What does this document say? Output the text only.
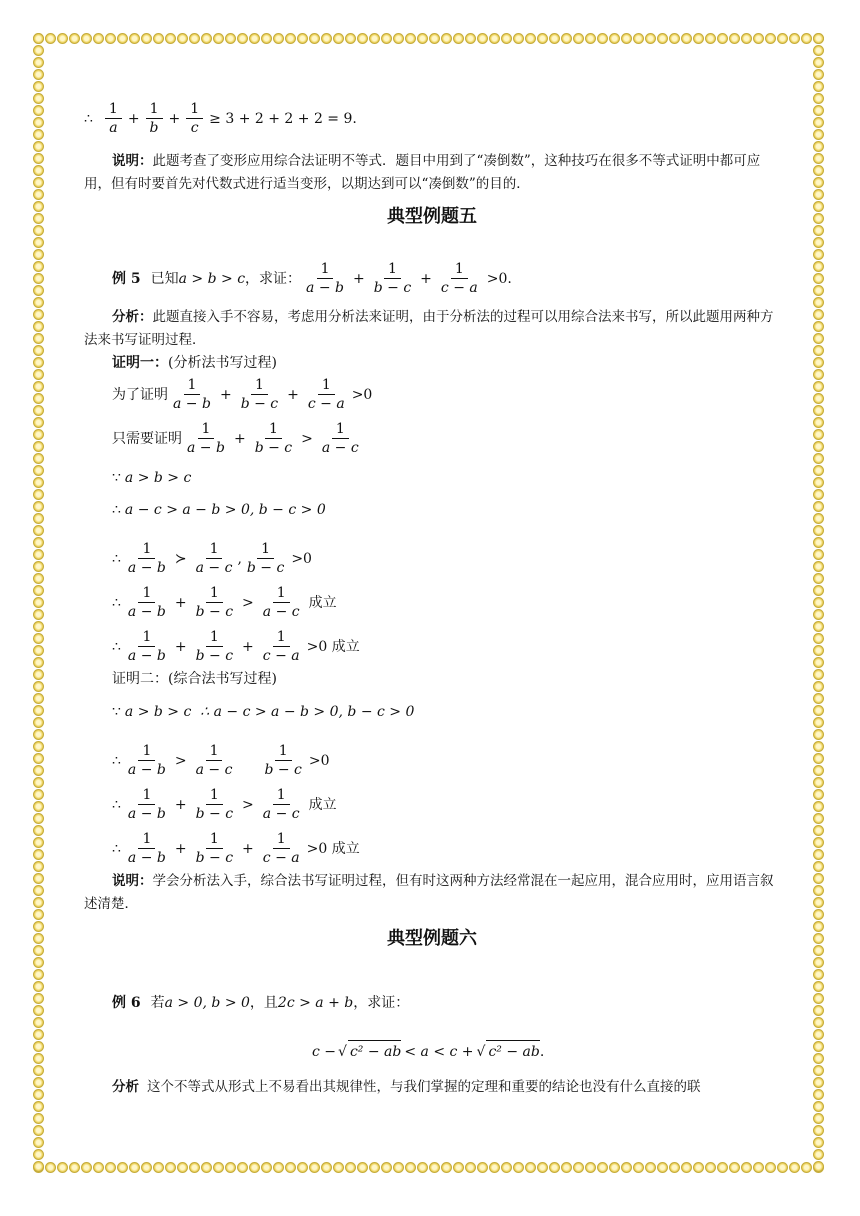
∴ $\frac{1}{a} + \frac{1}{b} + \frac{1}{c} \ge 3 + 2 + 2 + 2 = 9$.
说明：此题考查了变形应用综合法证明不等式．题目中用到了“凑倒数”，这种技巧在很多不等式证明中都可应用，但有时要首先对代数式进行适当变形，以期达到可以“凑倒数”的目的．
典型例题五
例 5 已知 a > b > c ，求证： $\frac{1}{a - b} + \frac{1}{b - c} + \frac{1}{c - a} >0$.
分析：此题直接入手不容易，考虑用分析法来证明，由于分析法的过程可以用综合法来书写，所以此题用两种方法来书写证明过程．
证明一： (分析法书写过程)
为了证明 $\frac{1}{a - b} + \frac{1}{b - c} + \frac{1}{c - a} >0$
只需要证明 $\frac{1}{a - b} + \frac{1}{b - c} > \frac{1}{a - c}$
∵ a > b > c
∴ a − c > a − b > 0, b − c > 0
∴ $\frac{1}{a - b}$ ≻ $\frac{1}{a - c}$ , $\frac{1}{b - c} >0$
∴ $\frac{1}{a - b} + \frac{1}{b - c} > \frac{1}{a - c}$ 成立
∴ $\frac{1}{a - b} + \frac{1}{b - c} + \frac{1}{c - a} >0$ 成立
证明二：(综合法书写过程)
∵ a > b > c  ∴ a − c > a − b > 0, b − c > 0
∴ $\frac{1}{a - b} > \frac{1}{a - c} \frac{1}{b - c} >0$
∴ $\frac{1}{a - b} + \frac{1}{b - c} > \frac{1}{a - c}$ 成立
∴ $\frac{1}{a - b} + \frac{1}{b - c} + \frac{1}{c - a} >0$ 成立
说明：学会分析法入手，综合法书写证明过程，但有时这两种方法经常混在一起应用，混合应用时，应用语言叙述清楚．
典型例题六
例 6 若 a > 0, b > 0 ，且 2c > a + b ，求证：
c − √ c² − ab < a < c + √ c² − ab .
分析 这个不等式从形式上不易看出其规律性，与我们掌握的定理和重要的结论也没有什么直接的联
